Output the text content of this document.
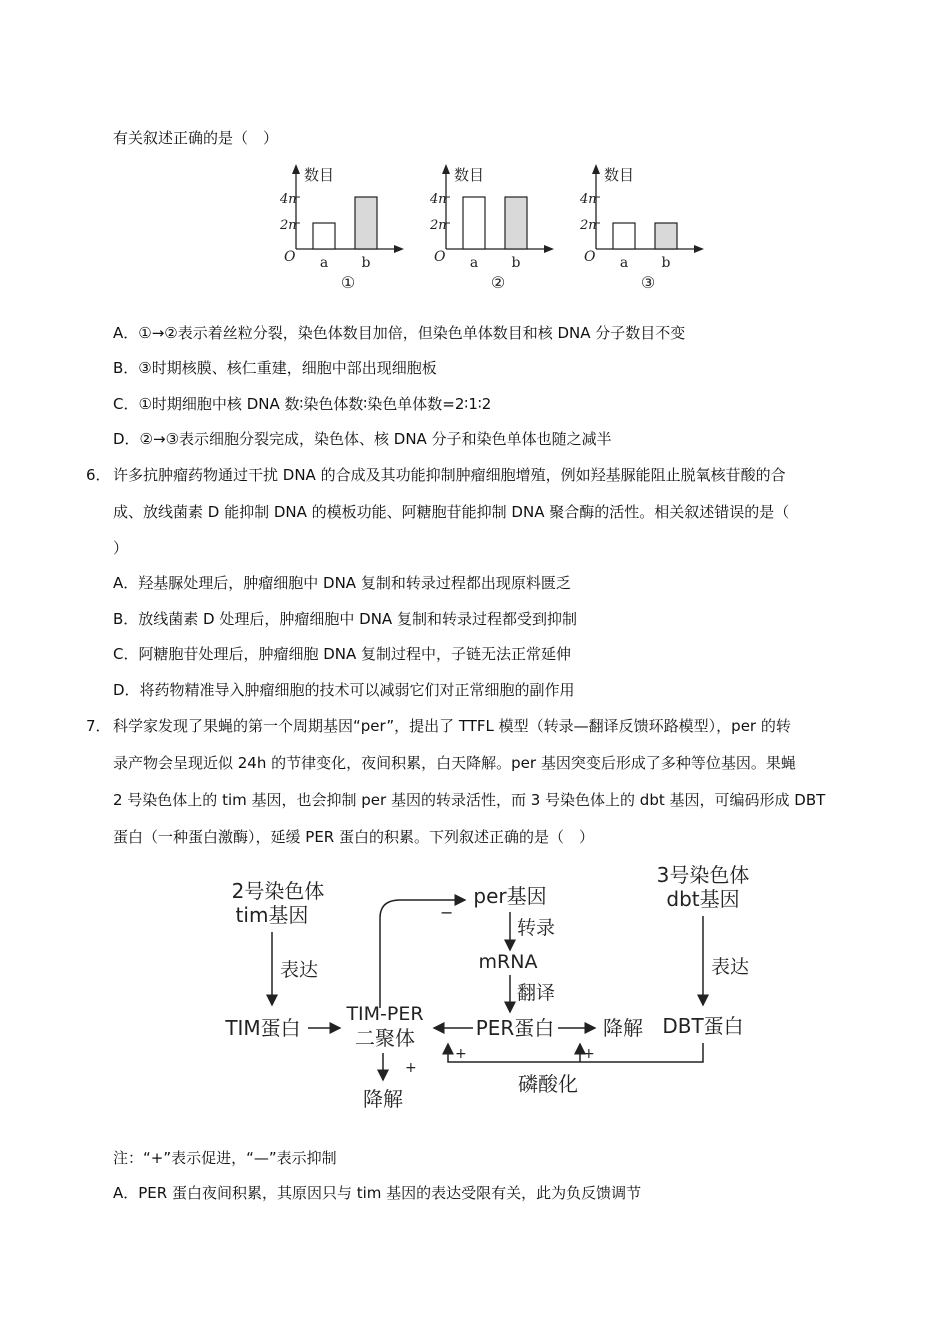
有关叙述正确的是（　）
数目
4n
2n
O a b
①
数目
4n
2n
O a b
②
数目
4n
2n
O a b
③
A．①→②表示着丝粒分裂，染色体数目加倍，但染色单体数目和核 DNA 分子数目不变
B．③时期核膜、核仁重建，细胞中部出现细胞板
C．①时期细胞中核 DNA 数∶染色体数∶染色单体数=2∶1∶2
D．②→③表示细胞分裂完成，染色体、核 DNA 分子和染色单体也随之减半
6． 许多抗肿瘤药物通过干扰 DNA 的合成及其功能抑制肿瘤细胞增殖，例如羟基脲能阻止脱氧核苷酸的合
成、放线菌素 D 能抑制 DNA 的模板功能、阿糖胞苷能抑制 DNA 聚合酶的活性。相关叙述错误的是（
）
A．羟基脲处理后，肿瘤细胞中 DNA 复制和转录过程都出现原料匮乏
B．放线菌素 D 处理后，肿瘤细胞中 DNA 复制和转录过程都受到抑制
C．阿糖胞苷处理后，肿瘤细胞 DNA 复制过程中，子链无法正常延伸
D．将药物精准导入肿瘤细胞的技术可以减弱它们对正常细胞的副作用
7． 科学家发现了果蝇的第一个周期基因“per”，提出了 TTFL 模型（转录—翻译反馈环路模型），per 的转
录产物会呈现近似 24h 的节律变化，夜间积累，白天降解。per 基因突变后形成了多种等位基因。果蝇
2 号染色体上的 tim 基因，也会抑制 per 基因的转录活性，而 3 号染色体上的 dbt 基因，可编码形成 DBT
蛋白（一种蛋白激酶），延缓 PER 蛋白的积累。下列叙述正确的是（　）
2号染色体
tim基因
表达
TIM蛋白
TIM-PER
二聚体
−
降解
+
per基因
转录
mRNA
翻译
PER蛋白 降解
3号染色体
dbt基因
表达
DBT蛋白
+	+
磷酸化
注：“+”表示促进，“—”表示抑制
A．PER 蛋白夜间积累，其原因只与 tim 基因的表达受限有关，此为负反馈调节
